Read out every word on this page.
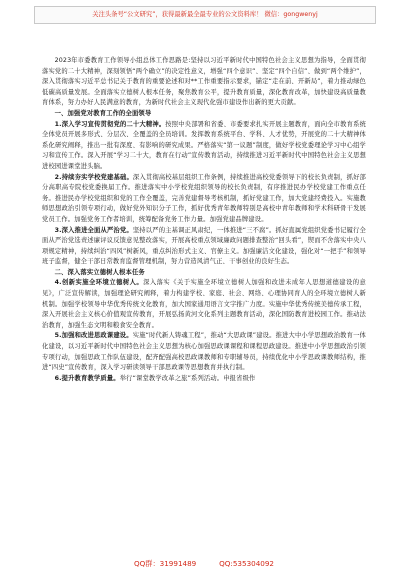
关注头条号“公文研究”，获得最新最全最专业的公文资料库！ 微信：gongwenyj

2023年市委教育工作领导小组总体工作思路是:坚持以习近平新时代中国特色社会主义思想为指导，全面贯彻落实党的二十大精神，深刻领悟“两个确立”的决定性意义，增强“四个意识”、坚定“四个自信”、做到“两个维护”，深入贯彻落实习近平总书记关于教育的重要论述和对**工作重要指示要求，锚定“走在前、开新局”，着力推动绿色低碳高质量发展。全面落实立德树人根本任务，聚焦教育公平，提升教育质量，深化教育改革，加快建设高质量教育体系，努力办好人民满意的教育，为新时代社会主义现代化强市建设作出新的更大贡献。

一、加强党对教育工作的全面领导

1.深入学习宣传贯彻党的二十大精神。按照中央部署和省委、市委要求扎实开展主题教育，面向全市教育系统全体党员开展多形式、分层次、全覆盖的全员培训。发挥教育系统平台、学科、人才优势，开展党的二十大精神体系化研究阐释，推出一批有深度、有影响的研究成果。严格落实“第一议题”制度，做好学校党委理论学习中心组学习和宣传工作。深入开展“学习二十大，教育在行动”宣传教育活动，持续推进习近平新时代中国特色社会主义思想进校园进课堂进头脑。

2.持续夯实学校党建基础。深入贯彻高校基层组织工作条例，持续推进高校党委领导下的校长负责制，抓好部分高职高专院校党委换届工作。推进落实中小学校党组织领导的校长负责制，有序推进民办学校党建工作重点任务。推进民办学校党组织和党的工作全覆盖，完善党建督导考核机制，抓好党建工作，加大党建经费投入。实施教师思想政治引领专项行动，做好党外知识分子工作，抓好优秀青年教师特别是高校中青年教师和学术科研骨干发展党员工作。加强党务工作者培训，统筹配备党务工作力量。加强党建品牌建设。

3.深入推进全面从严治党。坚持以严的主基调正风肃纪，一体推进“三不腐”。抓好直属党组织党委书记履行全面从严治党选责述廉评议反馈意见整改落实，开展高校重点领域廉政问题排查整治“回头看”，锲而不舍落实中央八项规定精神，持续纠治“四风”树新风，重点纠治形式主义、官僚主义。加强廉洁文化建设，强化对“一把手”和领导班子监督，健全干部日常教育监督管理机制，努力营造风清气正、干事创业的良好生态。

二、深入落实立德树人根本任务

4.创新实施全环境立德树人。深入落实《关于实施全环境立德树人加强和改进未成年人思想道德建设的意见》，广泛宣传解读，加强理论研究阐释，着力构建学校、家庭、社会、网络、心理协同育人的全环境立德树人新机制。加强学校领导中华优秀传统文化教育，加大国家通用语言文字推广力度。实施中华优秀传统美德传承工程，深入开展社会主义核心价值观宣传教育，开展弘扬黄河文化系列主题教育活动，深化国防教育进校园工作。推动法治教育，加强生态文明和粮食安全教育。

5.加强和改进思政课建设。实施“时代新人铸魂工程”，推动“大思政课”建设。推进大中小学思想政治教育一体化建设，以习近平新时代中国特色社会主义思想为核心加强思政课课程和课程思政建设。推进中小学思想政治引领专项行动，加强思政工作队伍建设，配齐配强高校思政课教师和专职辅导员，持续优化中小学思政课教师结构，推进“四史”宣传教育，深入学习研读领导干部思政课等思想教育并执行制。

6.提升教育教学质量。举行“课堂教学改革之旅”系列活动。申报省级作

QQ群：31991489	QQ:535304092
